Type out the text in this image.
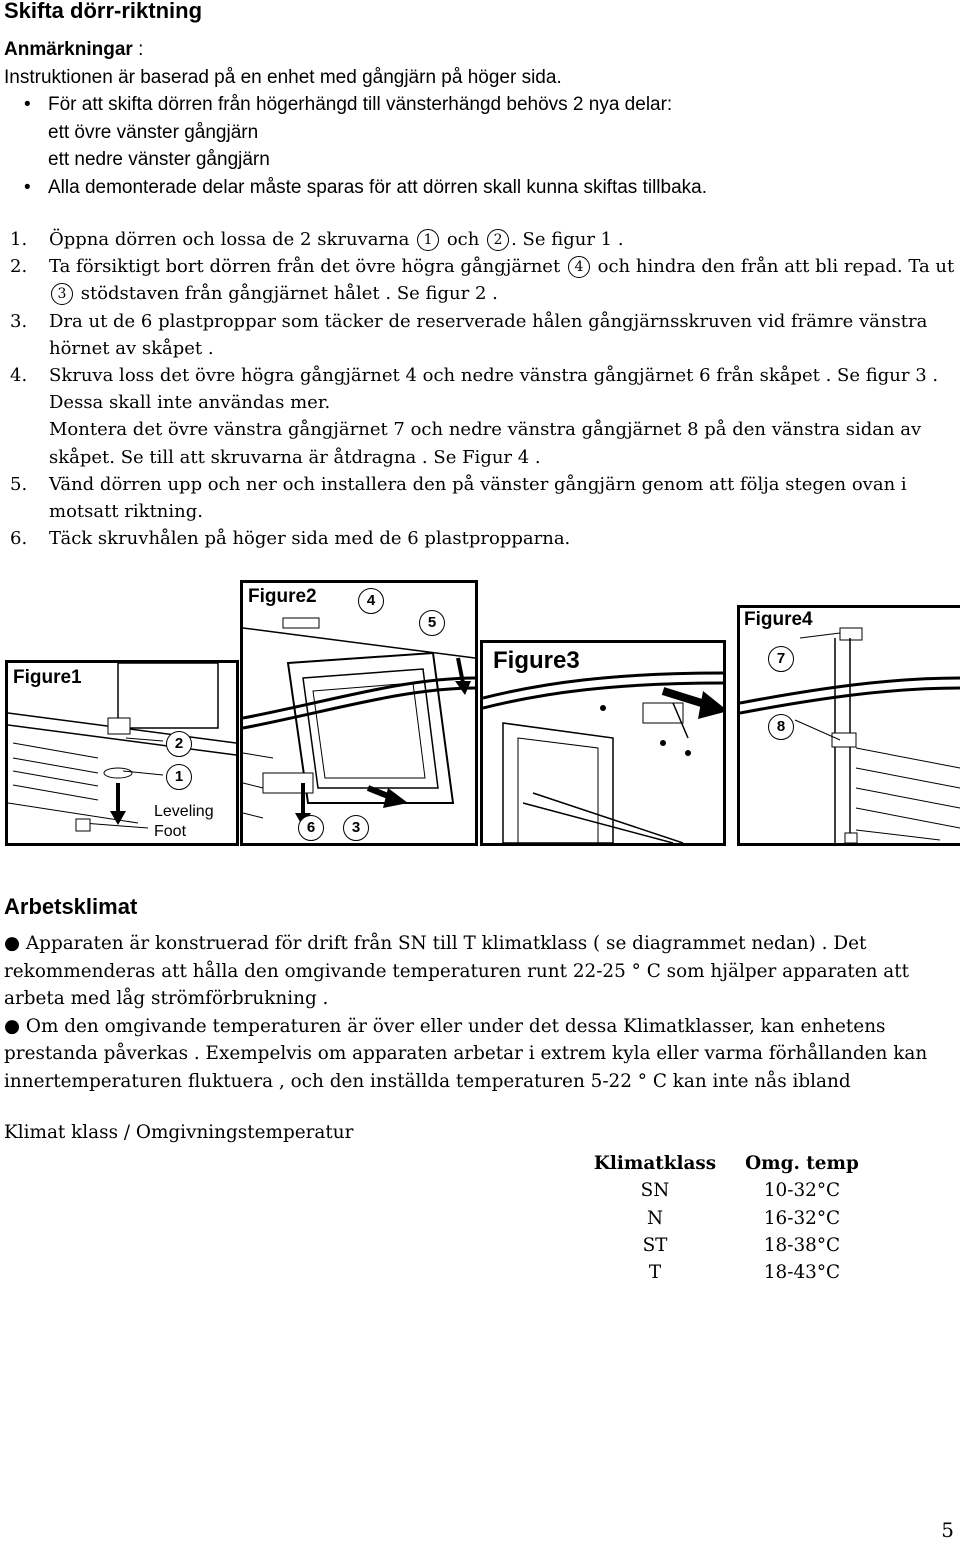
Skifta dörr-riktning
Anmärkningar :
Instruktionen är baserad på en enhet med gångjärn på höger sida.
• För att skifta dörren från högerhängd till vänsterhängd behövs 2 nya delar:
ett övre vänster gångjärn
ett nedre vänster gångjärn
• Alla demonterade delar måste sparas för att dörren skall kunna skiftas tillbaka.
1. Öppna dörren och lossa de 2 skruvarna 1 och 2 . Se figur 1 .
2. Ta försiktigt bort dörren från det övre högra gångjärnet 4 och hindra den från att bli repad. Ta ut 3 stödstaven från gångjärnet hålet . Se figur 2 .
3. Dra ut de 6 plastproppar som täcker de reserverade hålen gångjärnsskruven vid främre vänstra hörnet av skåpet .
4. Skruva loss det övre högra gångjärnet 4 och nedre vänstra gångjärnet 6 från skåpet . Se figur 3 . Dessa skall inte användas mer.
Montera det övre vänstra gångjärnet 7 och nedre vänstra gångjärnet 8 på den vänstra sidan av skåpet. Se till att skruvarna är åtdragna . Se Figur 4 .
5. Vänd dörren upp och ner och installera den på vänster gångjärn genom att följa stegen ovan i motsatt riktning.
6. Täck skruvhålen på höger sida med de 6 plastpropparna.
Figure1
2
1
Leveling
Foot
Figure2	4
5
6	3
Figure3
Figure4
7
8
Arbetsklimat

● Apparaten är konstruerad för drift från SN till T klimatklass ( se diagrammet nedan) . Det rekommenderas att hålla den omgivande temperaturen runt 22-25 ° C som hjälper apparaten att arbeta med låg strömförbrukning .

● Om den omgivande temperaturen är över eller under det dessa Klimatklasser, kan enhetens prestanda påverkas . Exempelvis om apparaten arbetar i extrem kyla eller varma förhållanden kan innertemperaturen fluktuera , och den inställda temperaturen 5-22 ° C kan inte nås ibland

Klimat klass / Omgivningstemperatur
Klimatklass	Omg. temp
SN	10-32°C
N	16-32°C
ST	18-38°C
T	18-43°C
5
